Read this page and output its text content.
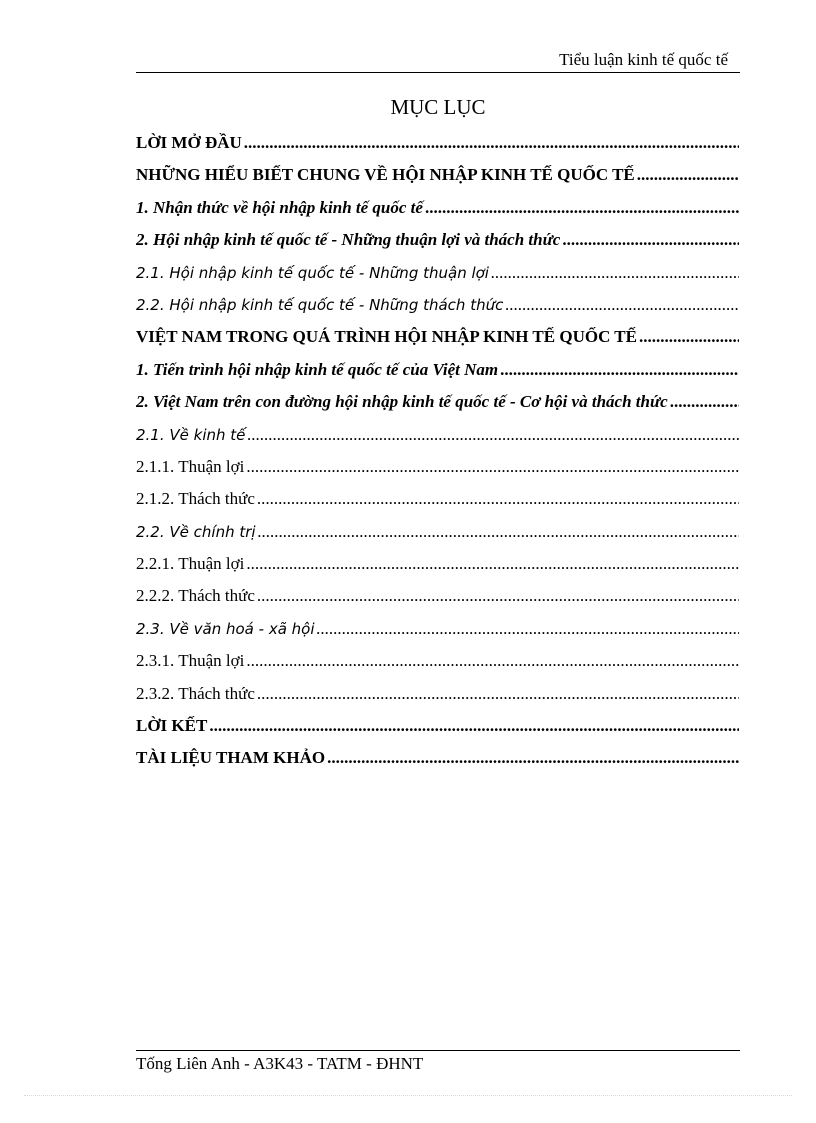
Tiểu luận kinh tế quốc tế
MỤC LỤC
LỜI MỞ ĐẦU
.....
NHỮNG HIỂU BIẾT CHUNG VỀ HỘI NHẬP KINH TẾ QUỐC TẾ
.....
1. Nhận thức về hội nhập kinh tế quốc tế
.....
2. Hội nhập kinh tế quốc tế - Những thuận lợi và thách thức
.....
2.1. Hội nhập kinh tế quốc tế - Những thuận lợi
.....
2.2. Hội nhập kinh tế quốc tế - Những thách thức
.....
VIỆT NAM TRONG QUÁ TRÌNH HỘI NHẬP KINH TẾ QUỐC TẾ
.....
1. Tiến trình hội nhập kinh tế quốc tế của Việt Nam
.....
2. Việt Nam trên con đường hội nhập kinh tế quốc tế - Cơ hội và thách thức
.....
2.1. Về kinh tế
.....
2.1.1. Thuận lợi
.....
2.1.2. Thách thức
.....
2.2. Về chính trị
.....
2.2.1. Thuận lợi
.....
2.2.2. Thách thức
.....
2.3. Về văn hoá - xã hội
.....
2.3.1. Thuận lợi
.....
2.3.2. Thách thức
.....
LỜI KẾT
.....
TÀI LIỆU THAM KHẢO
.....
Tống Liên Anh - A3K43 - TATM - ĐHNT
